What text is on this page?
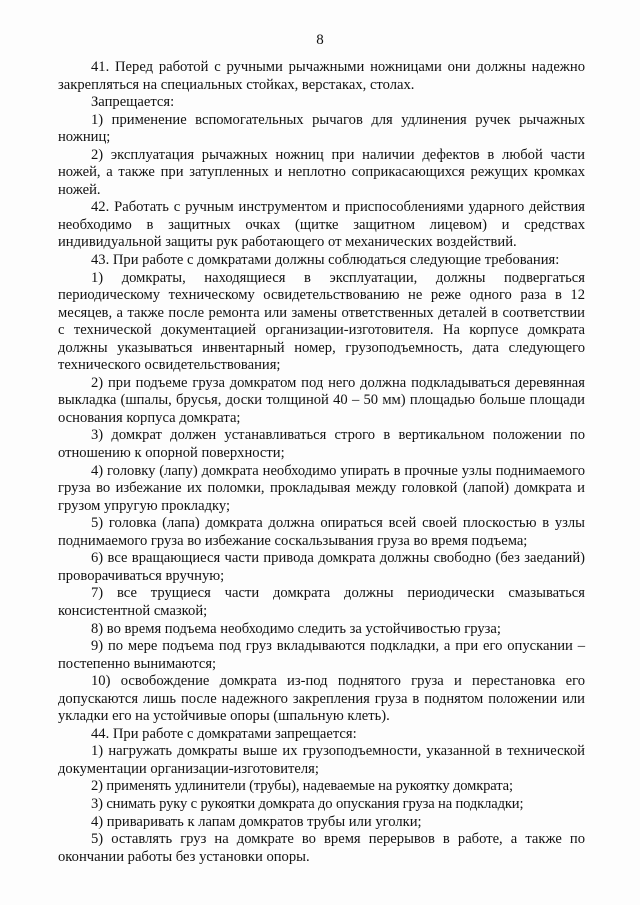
8

41. Перед работой с ручными рычажными ножницами они должны надежно закрепляться на специальных стойках, верстаках, столах.

Запрещается:

1) применение вспомогательных рычагов для удлинения ручек рычажных ножниц;

2) эксплуатация рычажных ножниц при наличии дефектов в любой части ножей, а также при затупленных и неплотно соприкасающихся режущих кромках ножей.

42. Работать с ручным инструментом и приспособлениями ударного действия необходимо в защитных очках (щитке защитном лицевом) и средствах индивидуальной защиты рук работающего от механических воздействий.

43. При работе с домкратами должны соблюдаться следующие требования:

1) домкраты, находящиеся в эксплуатации, должны подвергаться периодическому техническому освидетельствованию не реже одного раза в 12 месяцев, а также после ремонта или замены ответственных деталей в соответствии с технической документацией организации-изготовителя. На корпусе домкрата должны указываться инвентарный номер, грузоподъемность, дата следующего технического освидетельствования;

2) при подъеме груза домкратом под него должна подкладываться деревянная выкладка (шпалы, брусья, доски толщиной 40 – 50 мм) площадью больше площади основания корпуса домкрата;

3) домкрат должен устанавливаться строго в вертикальном положении по отношению к опорной поверхности;

4) головку (лапу) домкрата необходимо упирать в прочные узлы поднимаемого груза во избежание их поломки, прокладывая между головкой (лапой) домкрата и грузом упругую прокладку;

5) головка (лапа) домкрата должна опираться всей своей плоскостью в узлы поднимаемого груза во избежание соскальзывания груза во время подъема;

6) все вращающиеся части привода домкрата должны свободно (без заеданий) проворачиваться вручную;

7) все трущиеся части домкрата должны периодически смазываться консистентной смазкой;

8) во время подъема необходимо следить за устойчивостью груза;

9) по мере подъема под груз вкладываются подкладки, а при его опускании – постепенно вынимаются;

10) освобождение домкрата из-под поднятого груза и перестановка его допускаются лишь после надежного закрепления груза в поднятом положении или укладки его на устойчивые опоры (шпальную клеть).

44. При работе с домкратами запрещается:

1) нагружать домкраты выше их грузоподъемности, указанной в технической документации организации-изготовителя;

2) применять удлинители (трубы), надеваемые на рукоятку домкрата;

3) снимать руку с рукоятки домкрата до опускания груза на подкладки;

4) приваривать к лапам домкратов трубы или уголки;

5) оставлять груз на домкрате во время перерывов в работе, а также по окончании работы без установки опоры.
